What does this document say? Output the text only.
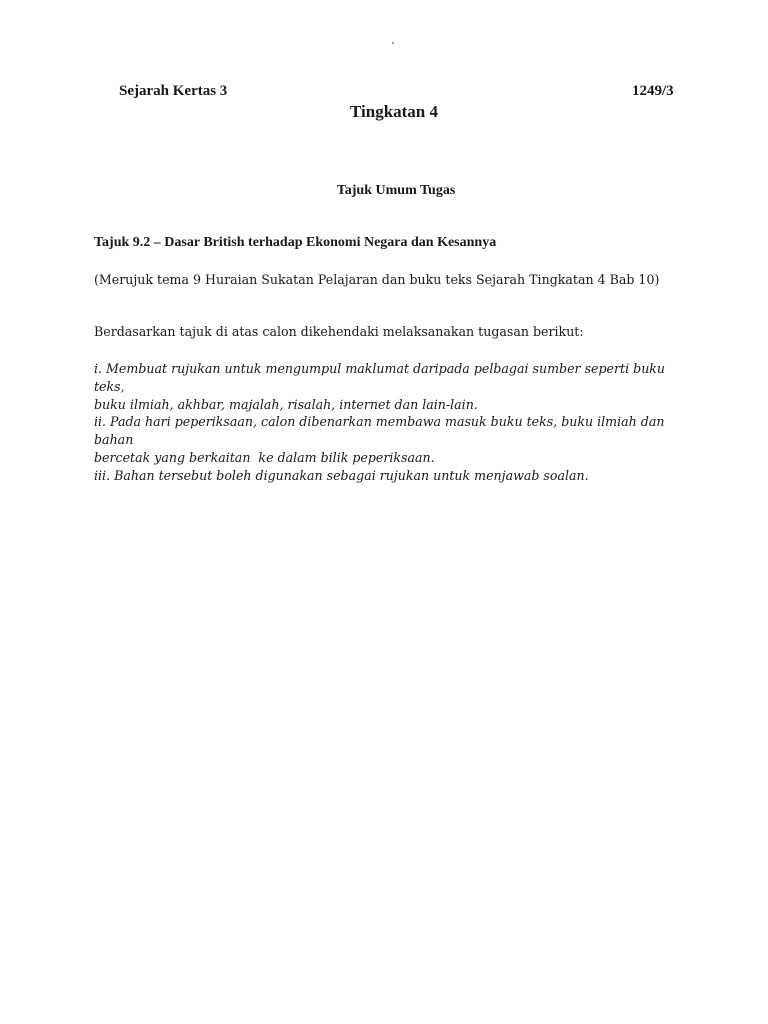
'
Sejarah Kertas 3	1249/3
Tingkatan 4
Tajuk Umum Tugas
Tajuk 9.2 – Dasar British terhadap Ekonomi Negara dan Kesannya
(Merujuk tema 9 Huraian Sukatan Pelajaran dan buku teks Sejarah Tingkatan 4 Bab 10)
Berdasarkan tajuk di atas calon dikehendaki melaksanakan tugasan berikut:
i. Membuat rujukan untuk mengumpul maklumat daripada pelbagai sumber seperti buku teks,
buku ilmiah, akhbar, majalah, risalah, internet dan lain-lain.
ii. Pada hari peperiksaan, calon dibenarkan membawa masuk buku teks, buku ilmiah dan bahan
bercetak yang berkaitan  ke dalam bilik peperiksaan.
iii. Bahan tersebut boleh digunakan sebagai rujukan untuk menjawab soalan.
